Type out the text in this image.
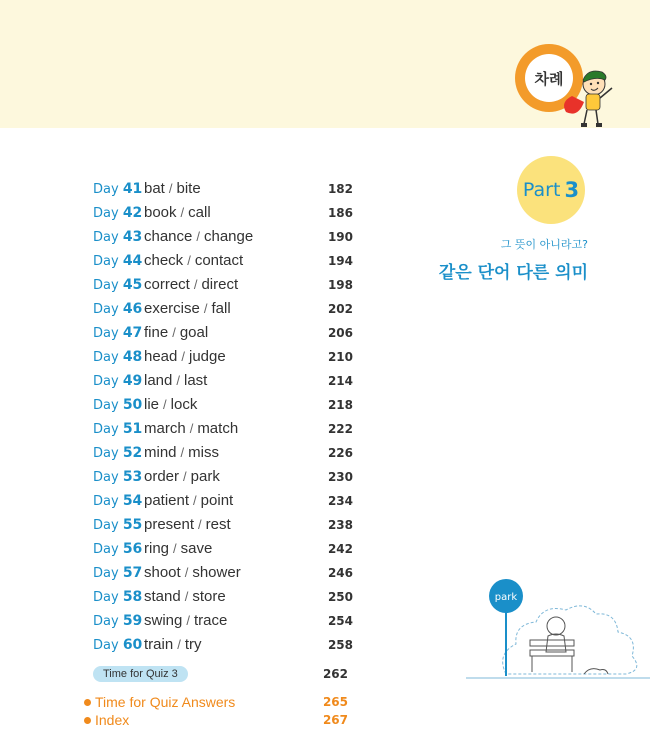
차례
Day 41 bat / bite	182
Day 42 book / call	186
Day 43 chance / change	190
Day 44 check / contact	194
Day 45 correct / direct	198
Day 46 exercise / fall	202
Day 47 fine / goal	206
Day 48 head / judge	210
Day 49 land / last	214
Day 50 lie / lock	218
Day 51 march / match	222
Day 52 mind / miss	226
Day 53 order / park	230
Day 54 patient / point	234
Day 55 present / rest	238
Day 56 ring / save	242
Day 57 shoot / shower	246
Day 58 stand / store	250
Day 59 swing / trace	254
Day 60 train / try	258
Time for Quiz 3	262
Time for Quiz Answers	265
Index	267
Part 3
그 뜻이 아니라고?
같은 단어 다른 의미
park
